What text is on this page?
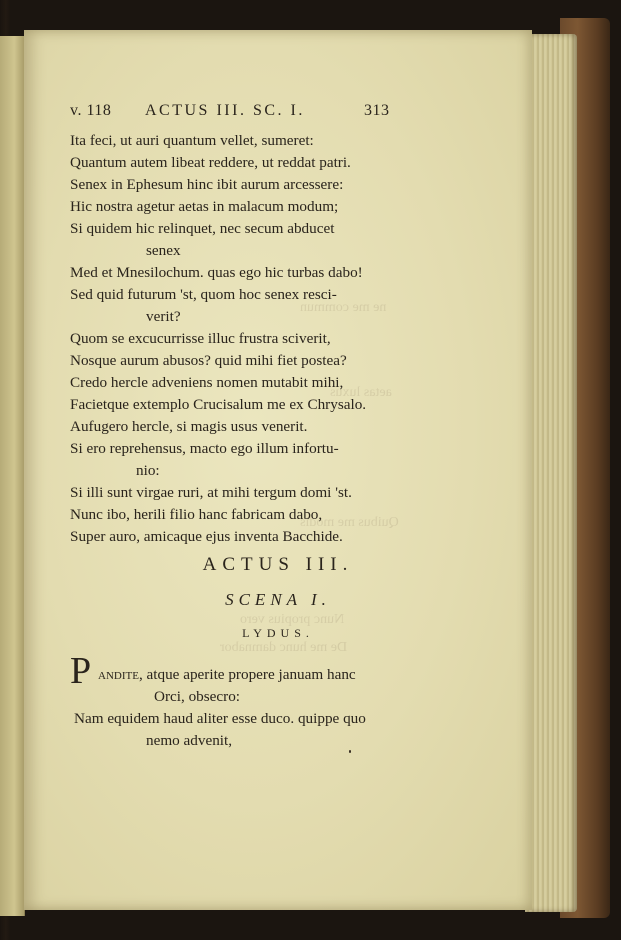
ne me commun
aetas luxus
Quibus me modis
Nunc propius vero
De me hunc damnabor
v. 118 ACTUS III. SC. I.	313
Ita feci, ut auri quantum vellet, sumeret:
Quantum autem libeat reddere, ut reddat patri.
Senex in Ephesum hinc ibit aurum arcessere:
Hic nostra agetur aetas in malacum modum;
Si quidem hic relinquet, nec secum abducet
senex
Med et Mnesilochum. quas ego hic turbas dabo!
Sed quid futurum 'st, quom hoc senex resci-
verit?
Quom se excucurrisse illuc frustra sciverit,
Nosque aurum abusos? quid mihi fiet postea?
Credo hercle adveniens nomen mutabit mihi,
Facietque extemplo Crucisalum me ex Chrysalo.
Aufugero hercle, si magis usus venerit.
Si ero reprehensus, macto ego illum infortu-
nio:
Si illi sunt virgae ruri, at mihi tergum domi 'st.
Nunc ibo, herili filio hanc fabricam dabo,
Super auro, amicaque ejus inventa Bacchide.
ACTUS III.
SCENA I.
LYDUS.
P andite, atque aperite propere januam hanc
Orci, obsecro:
Nam equidem haud aliter esse duco. quippe quo
nemo advenit,
